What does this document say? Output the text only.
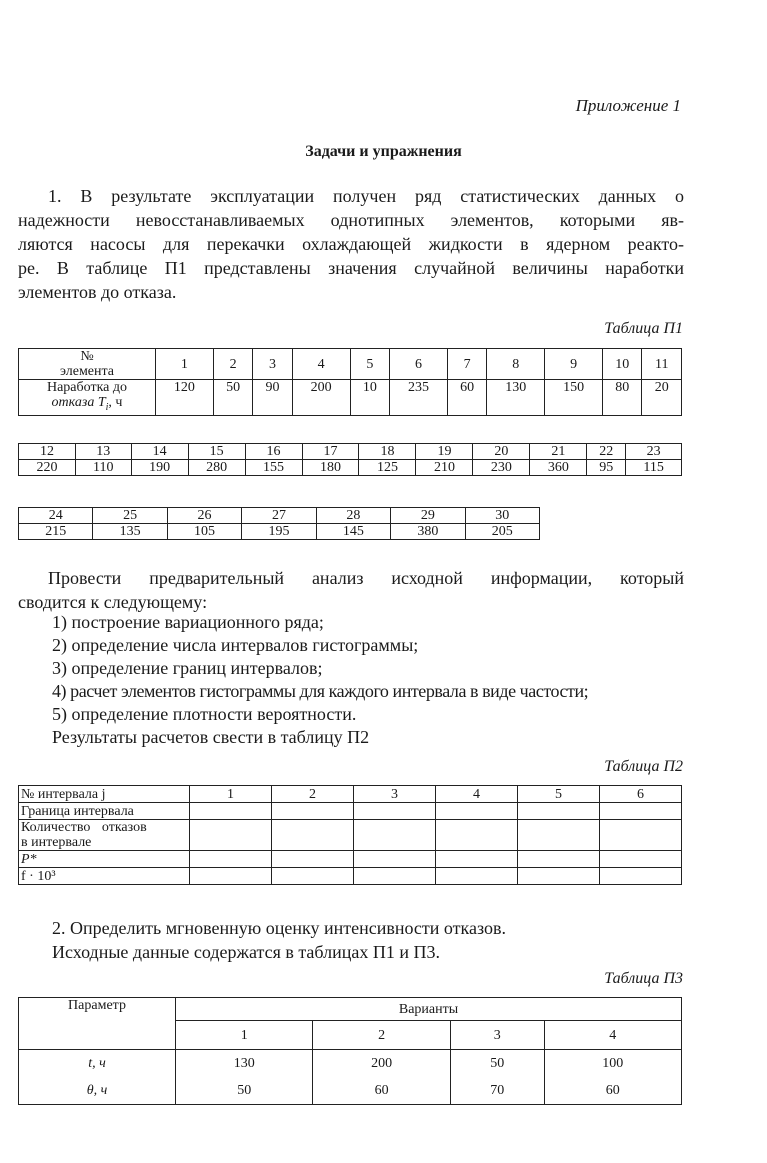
Приложение 1
Задачи и упражнения
1. В результате эксплуатации получен ряд статистических данных о
надежности невосстанавливаемых однотипных элементов, которыми яв-
ляются насосы для перекачки охлаждающей жидкости в ядерном реакто-
ре. В таблице П1 представлены значения случайной величины наработки
элементов до отказа.
Таблица П1
№
элемента	1	2	3	4	5	6	7	8	9	10	11
Наработка до
отказа $T_i$, ч	120	50	90	200	10	235	60	130	150	80	20
12	13	14	15	16	17	18	19	20	21	22	23
220	110	190	280	155	180	125	210	230	360	95	115
24	25	26	27	28	29	30
215	135	105	195	145	380	205
Провести предварительный анализ исходной информации, который
сводится к следующему:
1) построение вариационного ряда;
2) определение числа интервалов гистограммы;
3) определение границ интервалов;
4) расчет элементов гистограммы для каждого интервала в виде частости;
5) определение плотности вероятности.
Результаты расчетов свести в таблицу П2
Таблица П2
№ интервала j	1	2	3	4	5	6
Граница интервала						
Количество отказов
в интервале						
P*						
f · 10³						
2. Определить мгновенную оценку интенсивности отказов.
Исходные данные содержатся в таблицах П1 и П3.
Таблица П3
Параметр	Варианты			
	1	2	3	4
t, ч	130	200	50	100
θ, ч	50	60	70	60
